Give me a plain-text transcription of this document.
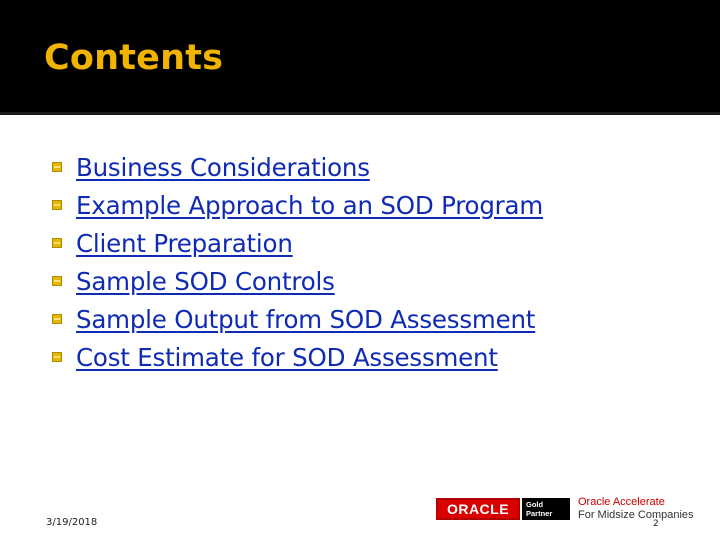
Contents
Business Considerations
Example Approach to an SOD Program
Client Preparation
Sample SOD Controls
Sample Output from SOD Assessment
Cost Estimate for SOD Assessment
3/19/2018
ORACLE Gold
Partner
Oracle Accelerate
For Midsize Companies
2
